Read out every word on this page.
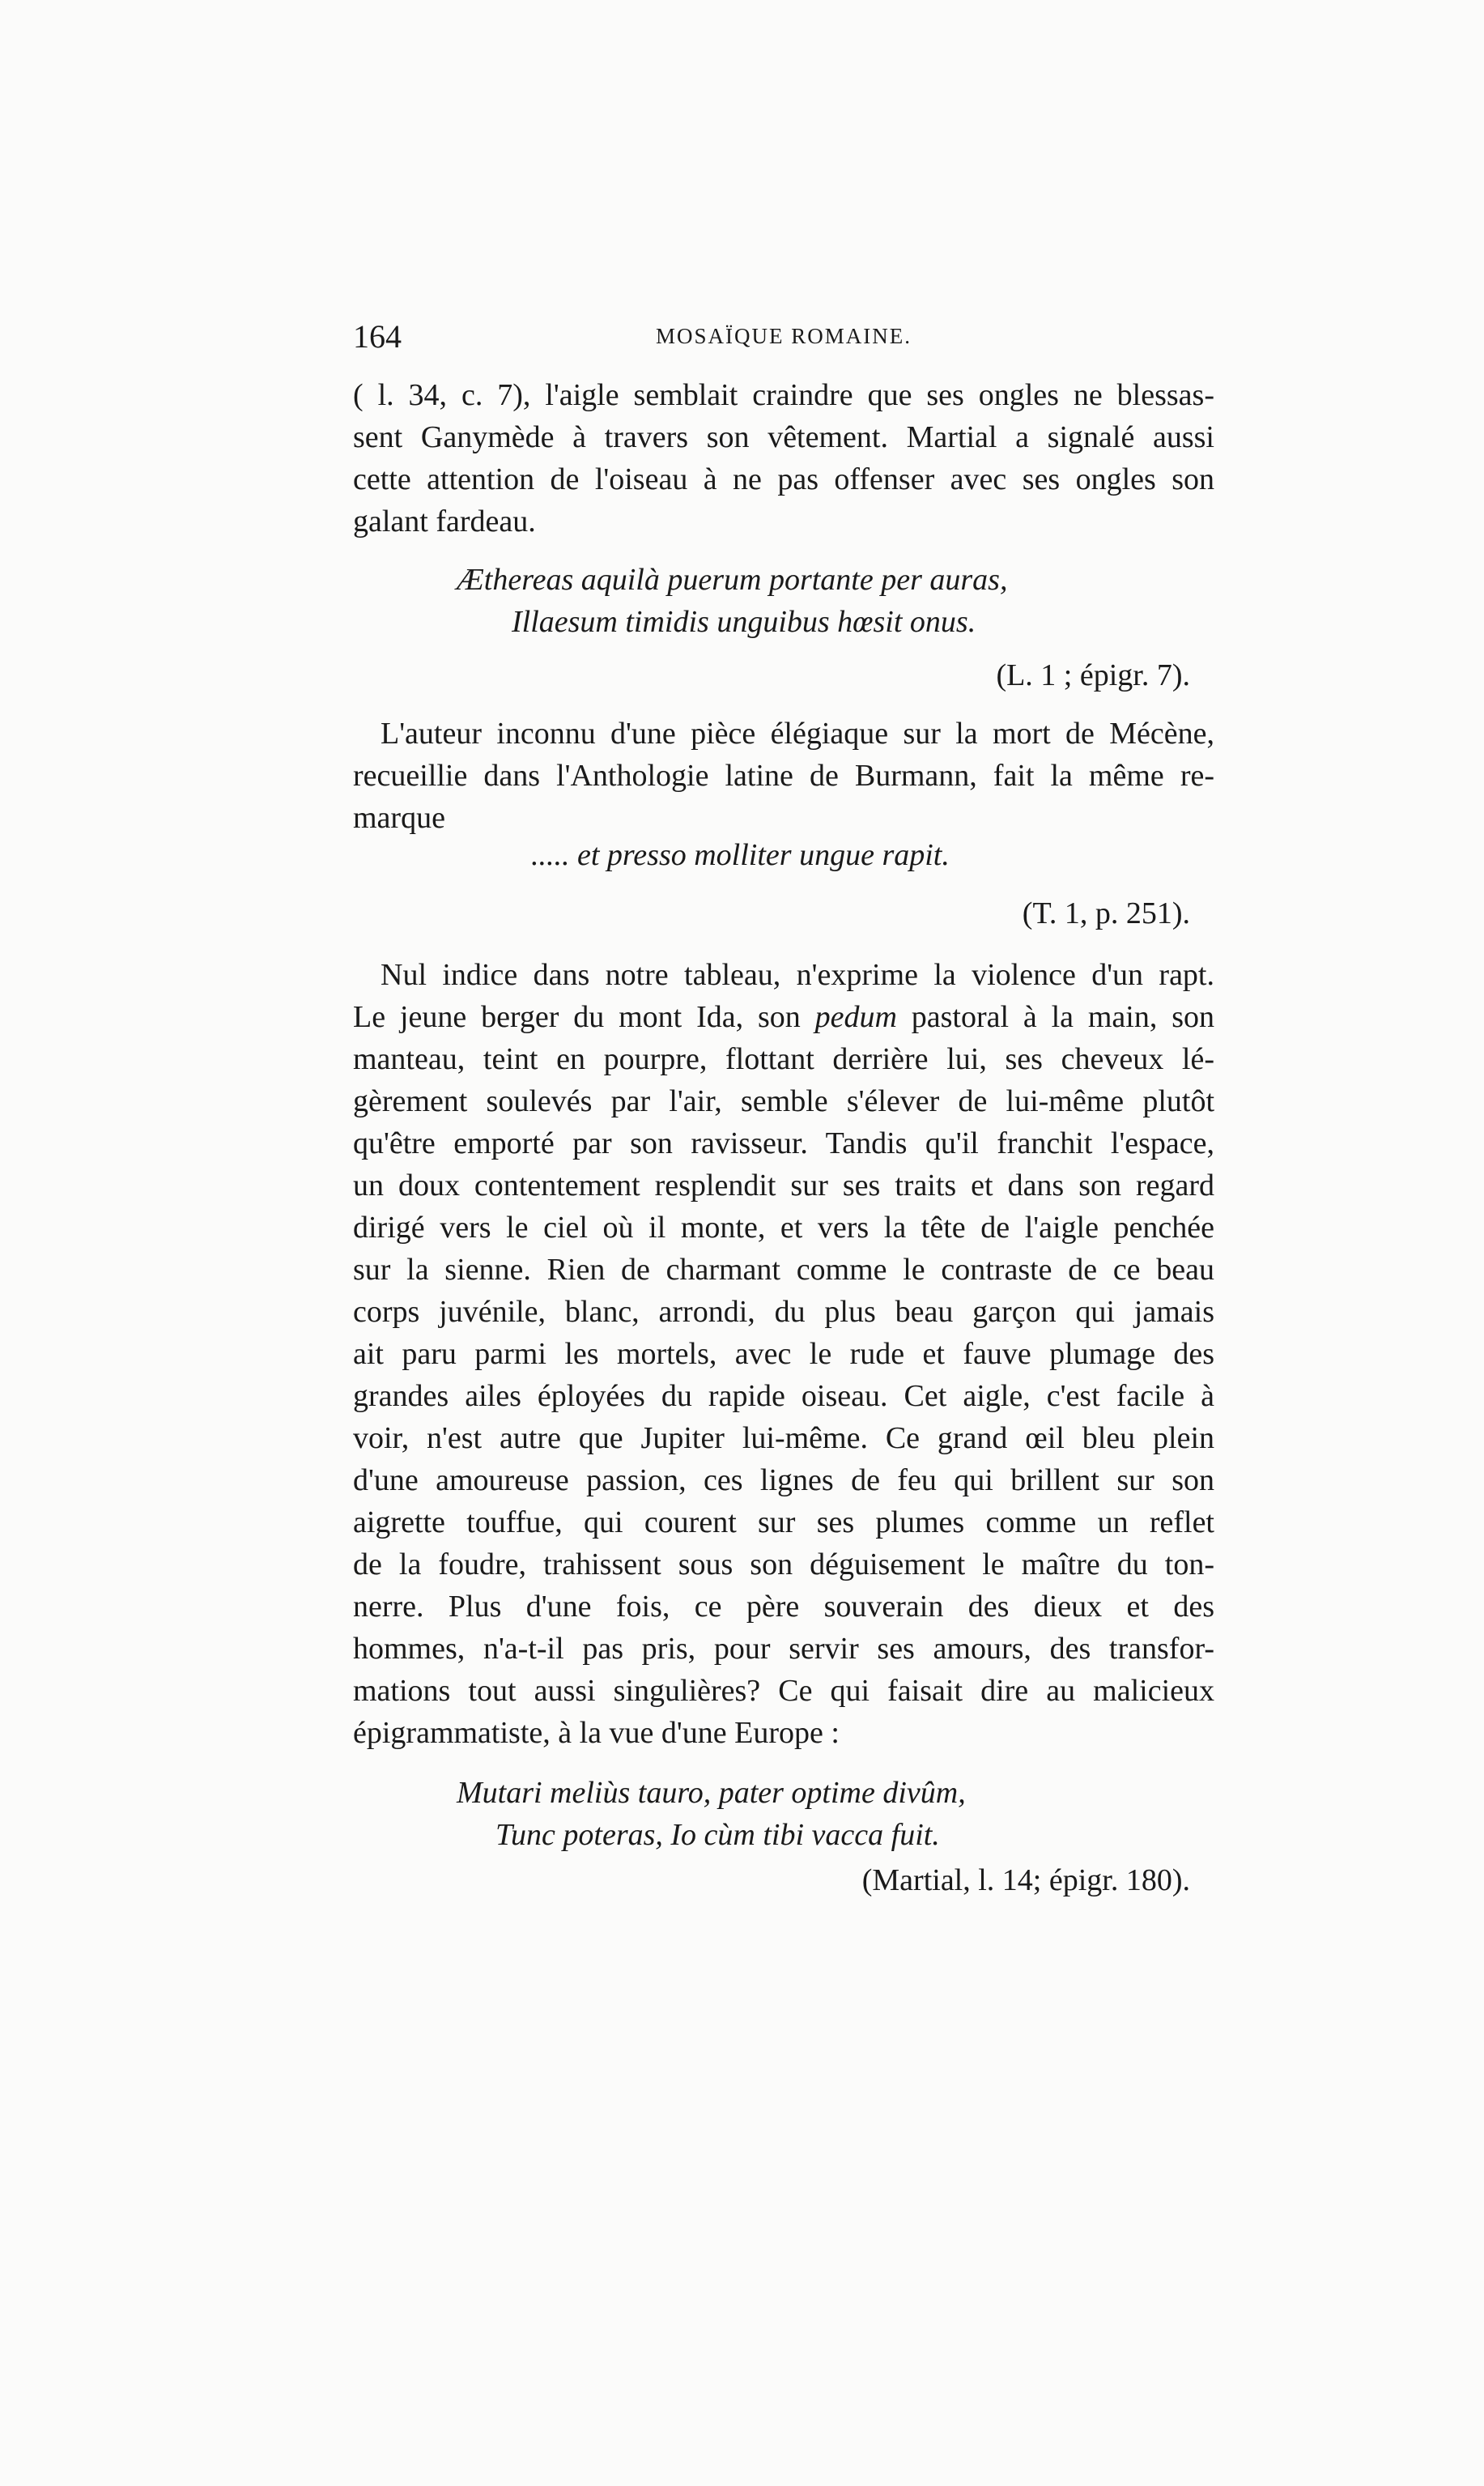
164	MOSAÏQUE ROMAINE.
( l. 34, c. 7), l'aigle semblait craindre que ses ongles ne blessas-
sent Ganymède à travers son vêtement. Martial a signalé aussi
cette attention de l'oiseau à ne pas offenser avec ses ongles son
galant fardeau.
Æthereas aquilà puerum portante per auras,
Illaesum timidis unguibus hœsit onus.
(L. 1 ; épigr. 7).
L'auteur inconnu d'une pièce élégiaque sur la mort de Mécène,
recueillie dans l'Anthologie latine de Burmann, fait la même re-
marque
..... et presso molliter ungue rapit.
(T. 1, p. 251).
Nul indice dans notre tableau, n'exprime la violence d'un rapt.
Le jeune berger du mont Ida, son pedum pastoral à la main, son
manteau, teint en pourpre, flottant derrière lui, ses cheveux lé-
gèrement soulevés par l'air, semble s'élever de lui-même plutôt
qu'être emporté par son ravisseur. Tandis qu'il franchit l'espace,
un doux contentement resplendit sur ses traits et dans son regard
dirigé vers le ciel où il monte, et vers la tête de l'aigle penchée
sur la sienne. Rien de charmant comme le contraste de ce beau
corps juvénile, blanc, arrondi, du plus beau garçon qui jamais
ait paru parmi les mortels, avec le rude et fauve plumage des
grandes ailes éployées du rapide oiseau. Cet aigle, c'est facile à
voir, n'est autre que Jupiter lui-même. Ce grand œil bleu plein
d'une amoureuse passion, ces lignes de feu qui brillent sur son
aigrette touffue, qui courent sur ses plumes comme un reflet
de la foudre, trahissent sous son déguisement le maître du ton-
nerre. Plus d'une fois, ce père souverain des dieux et des
hommes, n'a-t-il pas pris, pour servir ses amours, des transfor-
mations tout aussi singulières? Ce qui faisait dire au malicieux
épigrammatiste, à la vue d'une Europe :
Mutari meliùs tauro, pater optime divûm,
Tunc poteras, Io cùm tibi vacca fuit.
(Martial, l. 14; épigr. 180).
